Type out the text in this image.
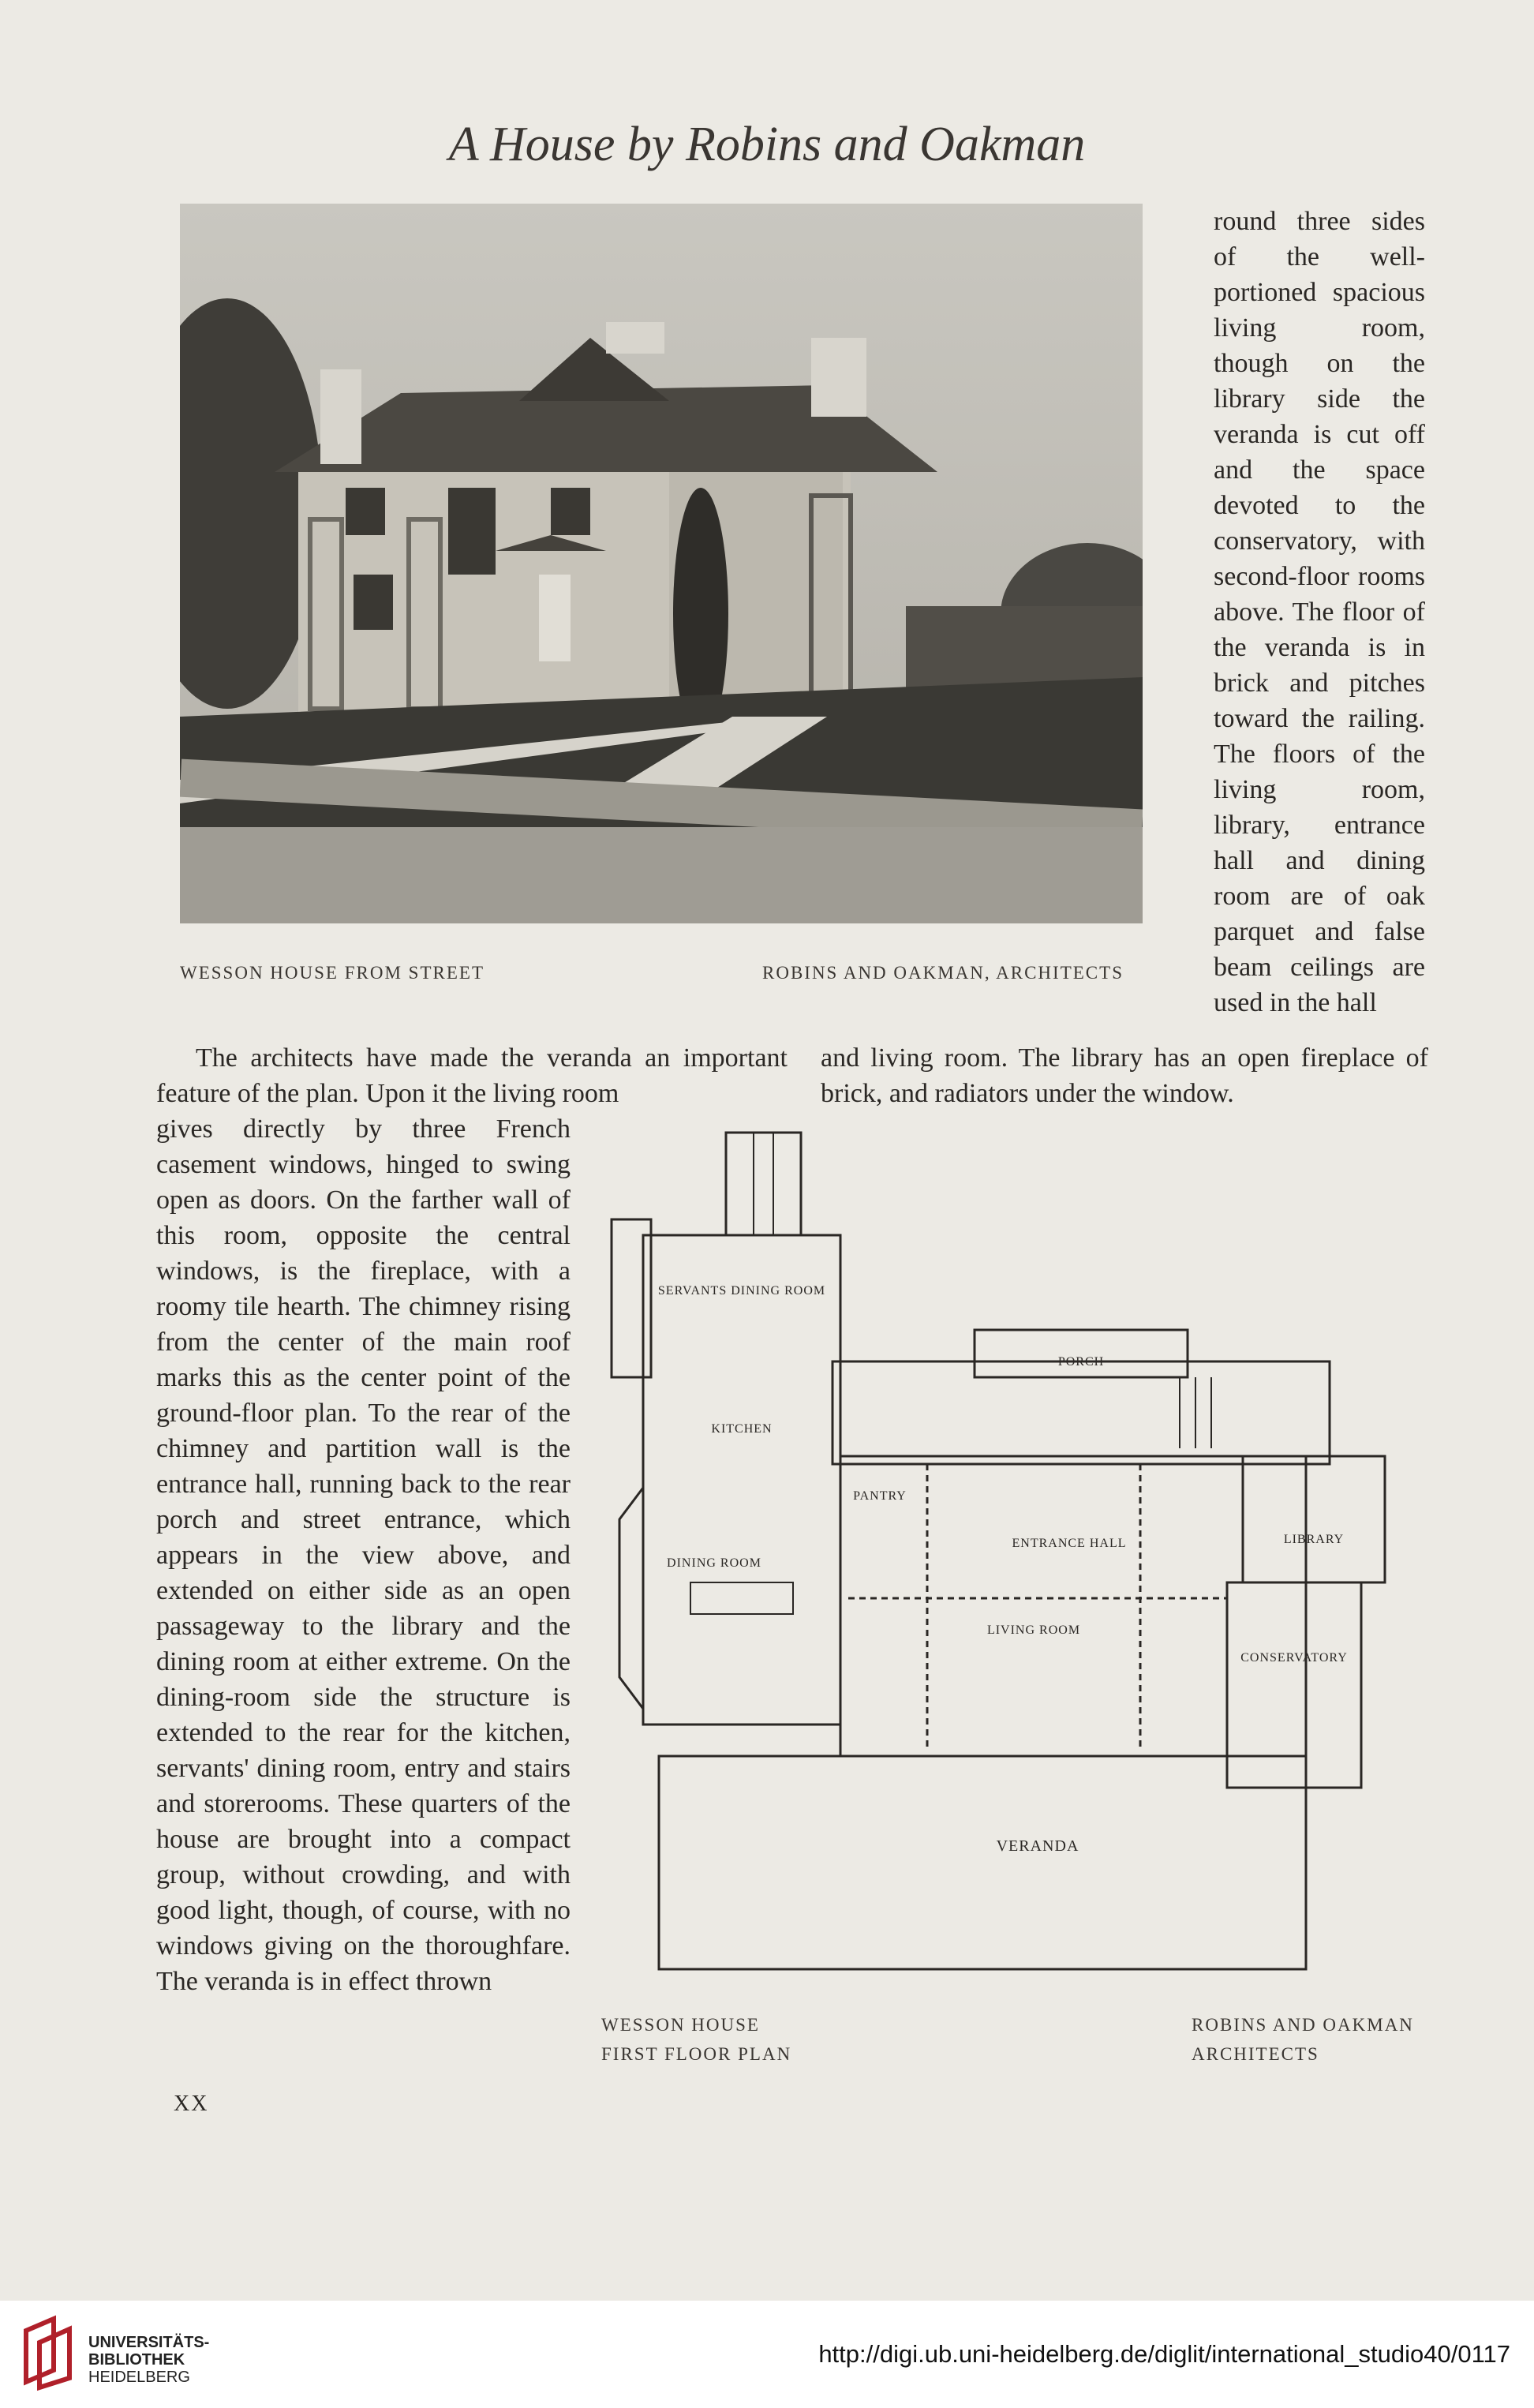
A House by Robins and Oakman
WESSON HOUSE FROM STREET	ROBINS AND OAKMAN, ARCHITECTS

round three sides of the well-portioned spacious living room, though on the library side the veranda is cut off and the space devoted to the conservatory, with second-floor rooms above. The floor of the veranda is in brick and pitches toward the railing. The floors of the living room, library, entrance hall and dining room are of oak parquet and false beam ceilings are used in the hall

The architects have made the veranda an important feature of the plan. Upon it the living room

and living room. The library has an open fireplace of brick, and radiators under the window.

gives directly by three French casement windows, hinged to swing open as doors. On the farther wall of this room, opposite the central windows, is the fireplace, with a roomy tile hearth. The chimney rising from the center of the main roof marks this as the center point of the ground-floor plan. To the rear of the chimney and partition wall is the entrance hall, running back to the rear porch and street entrance, which appears in the view above, and extended on either side as an open passageway to the library and the dining room at either extreme. On the dining-room side the structure is extended to the rear for the kitchen, servants' dining room, entry and stairs and storerooms. These quarters of the house are brought into a compact group, without crowding, and with good light, though, of course, with no windows giving on the thoroughfare. The veranda is in effect thrown

SERVANTS DINING ROOM
KITCHEN
PANTRY
DINING ROOM
ENTRANCE HALL	LIBRARY
LIVING ROOM
CONSERVATORY
PORCH
VERANDA
WESSON HOUSE
FIRST FLOOR PLAN
ROBINS AND OAKMAN
ARCHITECTS
XX
UNIVERSITÄTS-
BIBLIOTHEK
HEIDELBERG
http://digi.ub.uni-heidelberg.de/diglit/international_studio40/0117
